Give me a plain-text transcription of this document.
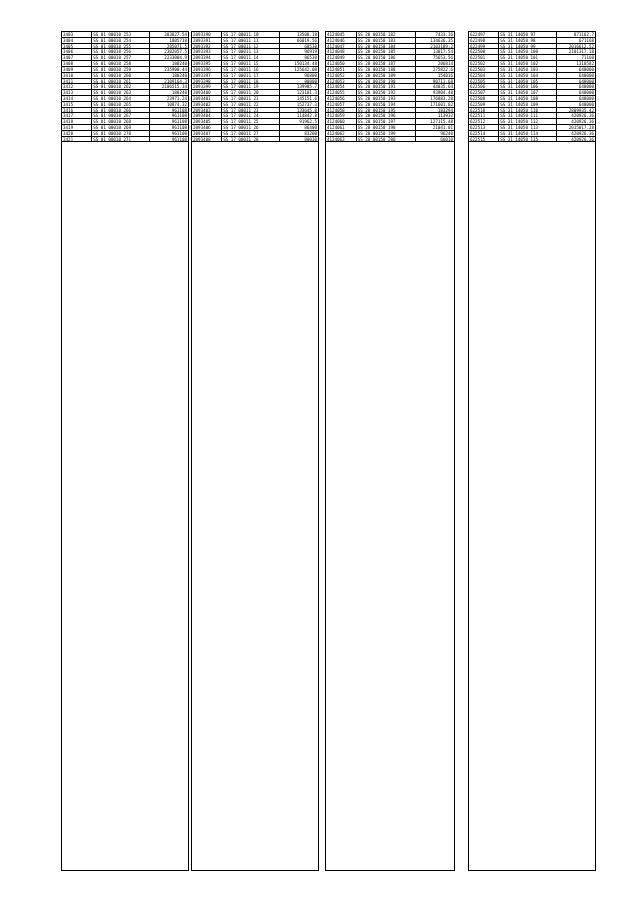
3403	SS 01 00010 253	303827.54
3404	SS 01 00010 254	1805718
3405	SS 01 00010 255	205071.5
3406	SS 01 00010 256	2302057.5
3407	SS 01 00010 257	2233004.9
3408	SS 01 00010 258	180240
3409	SS 01 00010 259	235900.44
3410	SS 01 00010 260	180240
3411	SS 01 00010 261	2109164.3
3412	SS 01 00010 262	2106515.34
3413	SS 01 00010 263	180240
3414	SS 01 00010 264	23971.24
3415	SS 01 00010 265	10874.32
3416	SS 01 00010 266	961108
3417	SS 01 00010 267	961108
3418	SS 01 00010 268	961108
3419	SS 01 00010 269	961108
3420	SS 01 00010 270	961108
3421	SS 01 00010 271	961108
2093390	SS 17 00011 10	13508.18
2093391	SS 17 00011 11	66019.56
2093392	SS 17 00011 12	68530
2093393	SS 17 00011 13	96919
2093394	SS 17 00011 14	86530
2093395	SS 17 00011 15	150134.48
2093396	SS 17 00011 16	125642.08
2093397	SS 17 00011 17	96800
2093398	SS 17 00011 18	80800
2093399	SS 17 00011 19	139985.7
2093400	SS 17 00011 20	123101.3
2093401	SS 17 00011 21	145151.6
2093402	SS 17 00011 22	152737.3
2093403	SS 17 00011 23	133645.8
2093404	SS 17 00011 24	114842.8
2093405	SS 17 00011 25	91962.5
2093406	SS 17 00011 26	86400
2093407	SS 17 00011 27	83200
2093408	SS 17 00011 28	80030
4124045	SS 20 00150 182	7433.16
4124046	SS 20 00150 183	134636.35
4124047	SS 20 00150 184	2103189.2
4124048	SS 20 00150 185	13017.54
4124049	SS 20 00150 186	75653.56
4124050	SS 20 00150 187	206814
4124051	SS 20 00150 188	275822.6
4124052	SS 20 00150 189	154016
4124053	SS 20 00150 190	90711.68
4124054	SS 20 00150 191	44035.64
4124055	SS 20 00150 192	93904.48
4124056	SS 20 00150 193	176883.28
4124057	SS 20 00150 194	171601.82
4124058	SS 20 00150 195	183294
4124059	SS 20 00150 196	113932
4124060	SS 20 00150 197	127115.48
4124061	SS 20 00150 198	21041.01
4124062	SS 20 00150 199	96240
4124063	SS 20 00150 200	66010
622497	SS 31 14050 97	871162.7
622498	SS 31 14050 98	671168
622499	SS 31 14050 99	2016612.52
622500	SS 31 14050 100	2101317.18
622501	SS 31 14050 101	71160
622502	SS 31 14050 102	1310582
622503	SS 31 14050 103	648000
622504	SS 31 14050 104	648000
622505	SS 31 14050 105	648000
622506	SS 31 14050 106	648000
622507	SS 31 14050 107	648000
622508	SS 31 14050 108	648000
622509	SS 31 14050 109	648000
622510	SS 31 14050 110	2809935.42
622511	SS 31 14050 111	420926.36
622512	SS 31 14050 112	420926.36
622513	SS 31 14050 113	2015017.28
622514	SS 31 14050 114	420926.36
622515	SS 31 14050 115	420926.36
